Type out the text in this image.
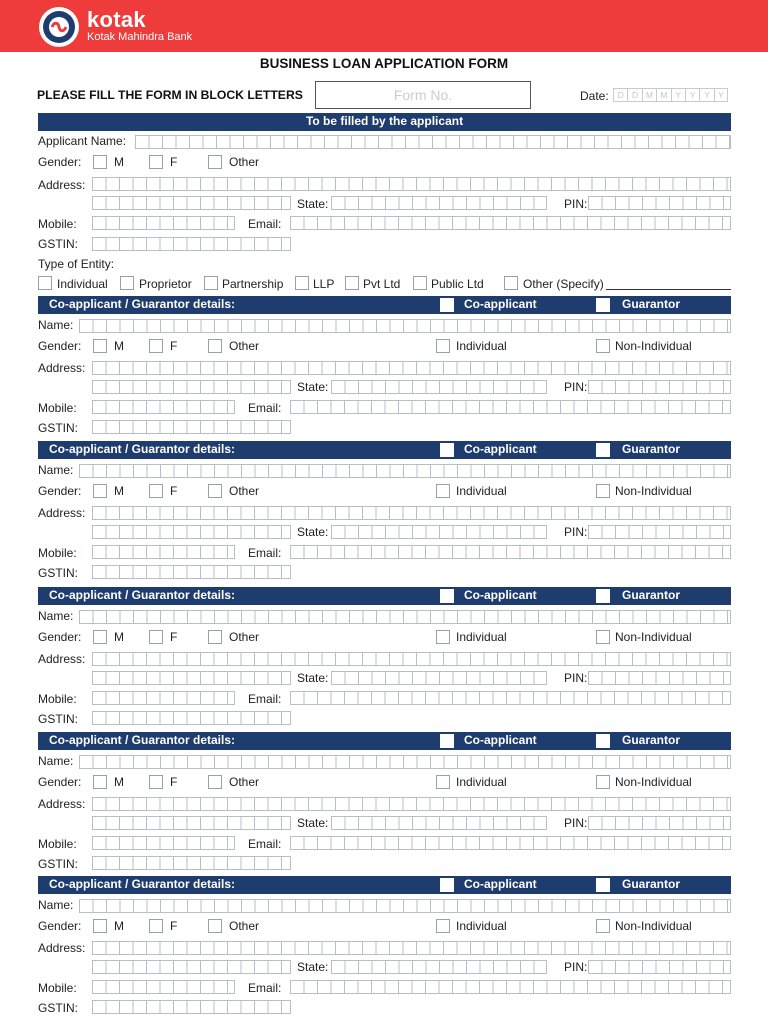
kotak
Kotak Mahindra Bank
BUSINESS LOAN APPLICATION FORM
PLEASE FILL THE FORM IN BLOCK LETTERS	Form No.	Date:	D D M M Y	Y	Y Y
To be filled by the applicant
Applicant Name:
Gender:	M	F	Other
Address:
State:	PIN:
Mobile:	Email:
GSTIN:
Type of Entity:
Individual	Proprietor	Partnership LLP Pvt Ltd	Public Ltd	Other (Specify)
Co-applicant / Guarantor details:	Co-applicant	Guarantor
Name:
Gender:	M	F	Other	Individual	Non-Individual
Address:
State:	PIN:
Mobile:	Email:
GSTIN:
Co-applicant / Guarantor details:	Co-applicant	Guarantor
Name:
Gender:	M	F	Other	Individual	Non-Individual
Address:
State:	PIN:
Mobile:	Email:
GSTIN:
Co-applicant / Guarantor details:	Co-applicant	Guarantor
Name:
Gender:	M	F	Other	Individual	Non-Individual
Address:
State:	PIN:
Mobile:	Email:
GSTIN:
Co-applicant / Guarantor details:	Co-applicant	Guarantor
Name:
Gender:	M	F	Other	Individual	Non-Individual
Address:
State:	PIN:
Mobile:	Email:
GSTIN:
Co-applicant / Guarantor details:	Co-applicant	Guarantor
Name:
Gender:	M	F	Other	Individual	Non-Individual
Address:
State:	PIN:
Mobile:	Email:
GSTIN:
